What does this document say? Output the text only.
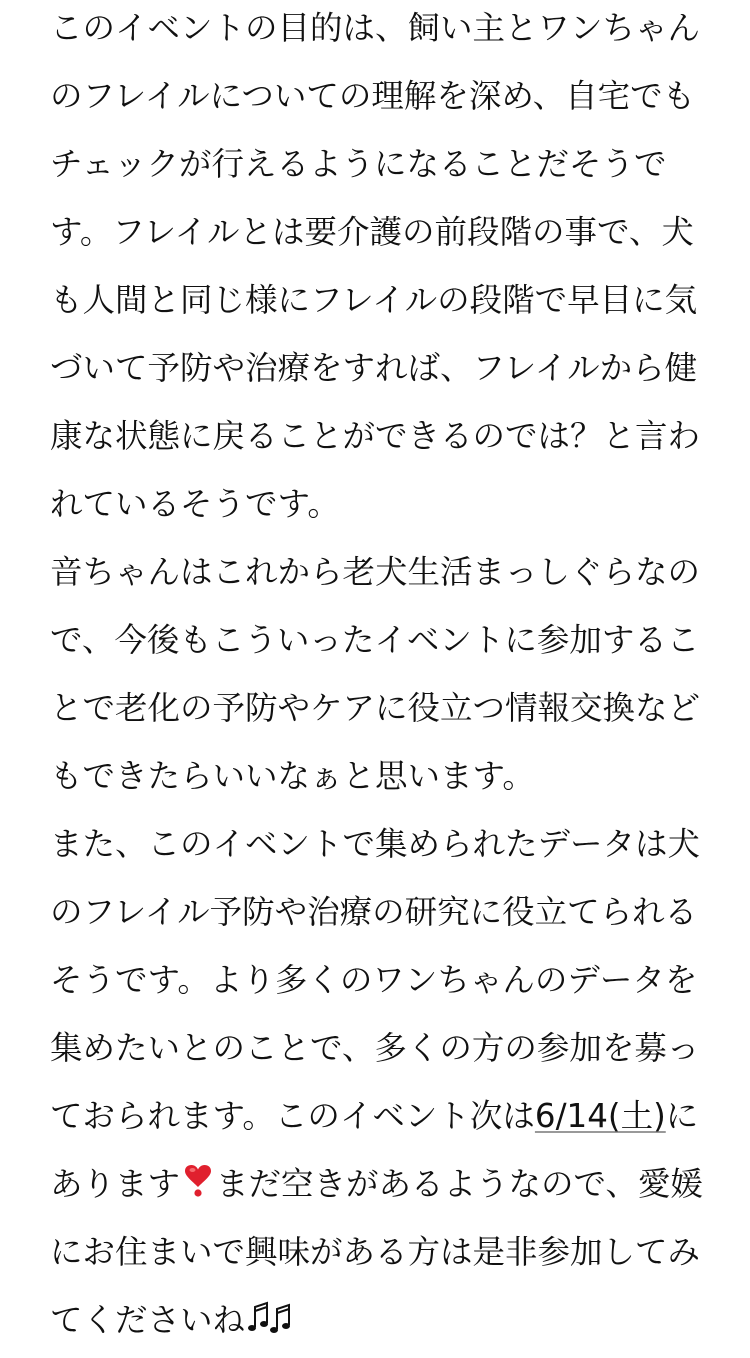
このイベントの目的は、飼い主とワンちゃん
のフレイルについての理解を深め、自宅でも
チェックが行えるようになることだそうで
す。フレイルとは要介護の前段階の事で、犬
も人間と同じ様にフレイルの段階で早目に気
づいて予防や治療をすれば、フレイルから健
康な状態に戻ることができるのでは？と言わ
れているそうです。
音ちゃんはこれから老犬生活まっしぐらなの
で、今後もこういったイベントに参加するこ
とで老化の予防やケアに役立つ情報交換など
もできたらいいなぁと思います。
また、このイベントで集められたデータは犬
のフレイル予防や治療の研究に役立てられる
そうです。より多くのワンちゃんのデータを
集めたいとのことで、多くの方の参加を募っ
ておられます。このイベント次は6/14(土)に
あります まだ空きがあるようなので、愛媛
にお住まいで興味がある方は是非参加してみ
てくださいね
